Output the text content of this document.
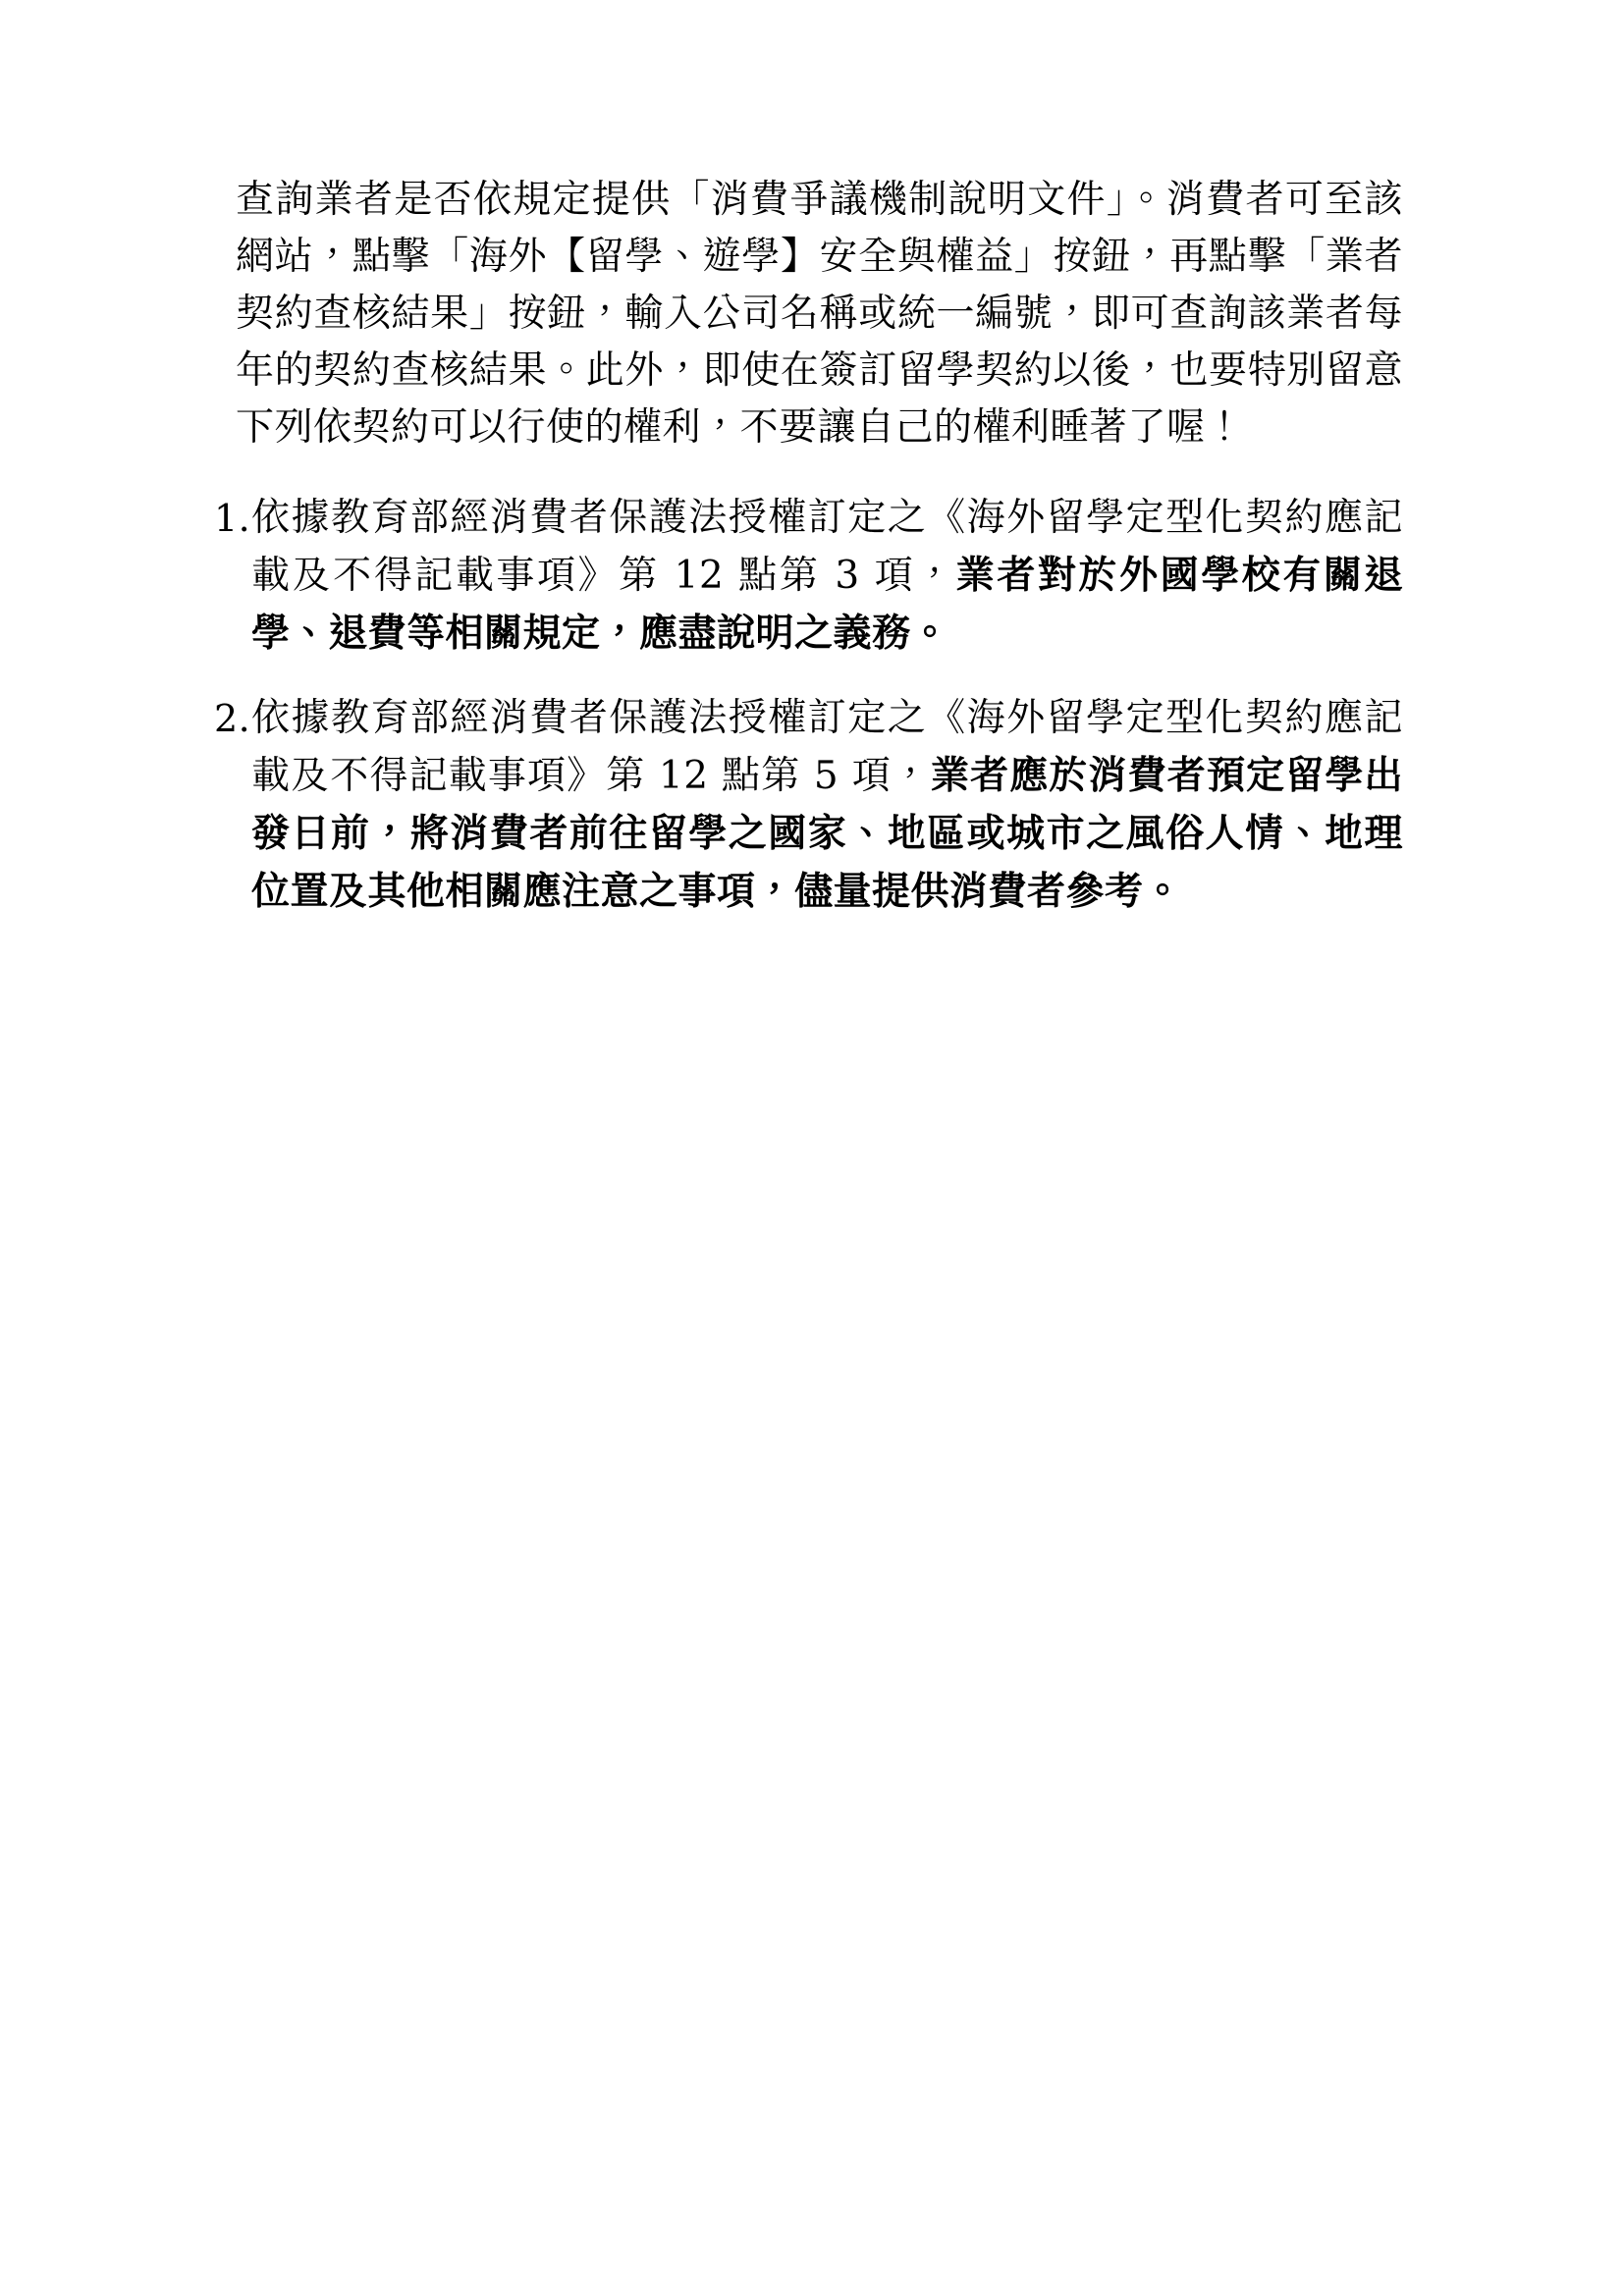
查詢業者是否依規定提供「消費爭議機制說明文件」。消費者可至該網站，點擊「海外【留學、遊學】安全與權益」按鈕，再點擊「業者契約查核結果」按鈕，輸入公司名稱或統一編號，即可查詢該業者每年的契約查核結果。此外，即使在簽訂留學契約以後，也要特別留意下列依契約可以行使的權利，不要讓自己的權利睡著了喔！

1. 依據教育部經消費者保護法授權訂定之《海外留學定型化契約應記載及不得記載事項》第 12 點第 3 項，業者對於外國學校有關退學、退費等相關規定，應盡說明之義務。
2. 依據教育部經消費者保護法授權訂定之《海外留學定型化契約應記載及不得記載事項》第 12 點第 5 項，業者應於消費者預定留學出發日前，將消費者前往留學之國家、地區或城市之風俗人情、地理位置及其他相關應注意之事項，儘量提供消費者參考。
